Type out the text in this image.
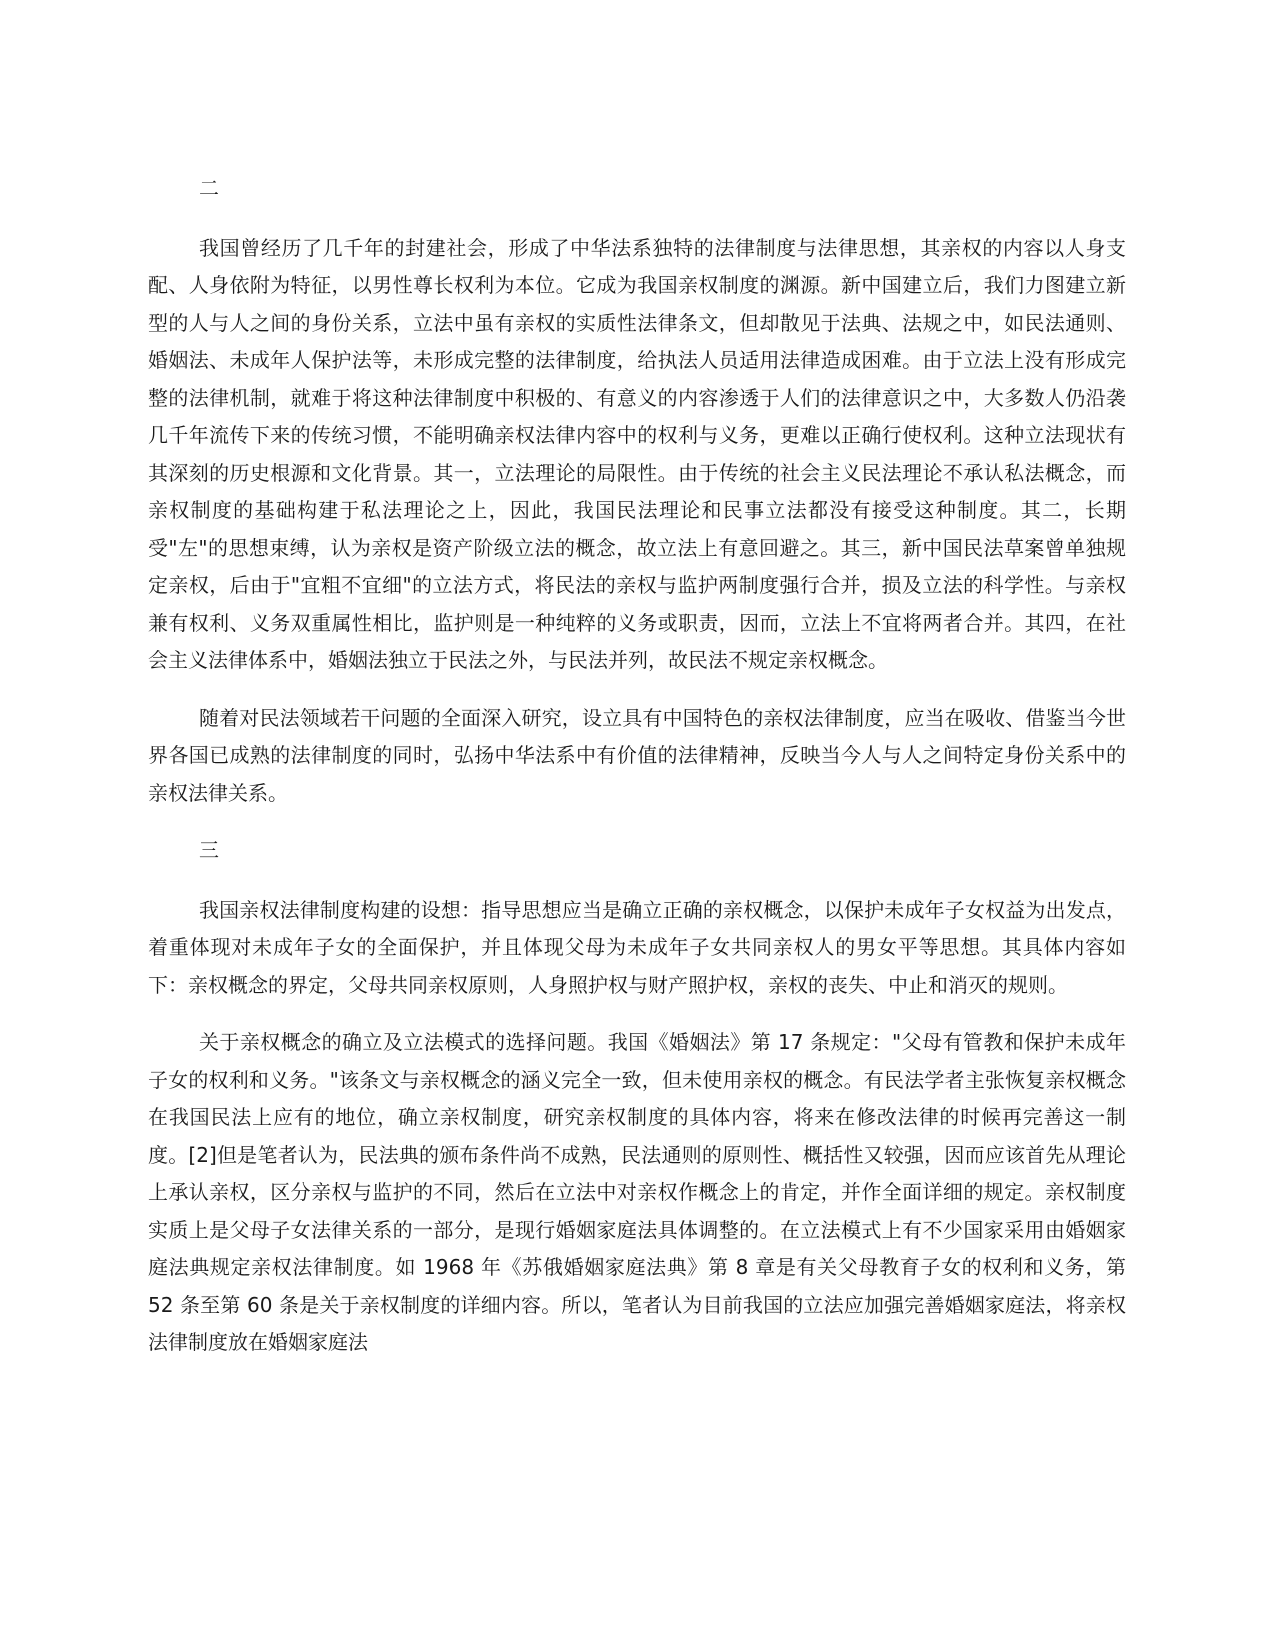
二

我国曾经历了几千年的封建社会，形成了中华法系独特的法律制度与法律思想，其亲权的内容以人身支配、人身依附为特征，以男性尊长权利为本位。它成为我国亲权制度的渊源。新中国建立后，我们力图建立新型的人与人之间的身份关系，立法中虽有亲权的实质性法律条文，但却散见于法典、法规之中，如民法通则、婚姻法、未成年人保护法等，未形成完整的法律制度，给执法人员适用法律造成困难。由于立法上没有形成完整的法律机制，就难于将这种法律制度中积极的、有意义的内容渗透于人们的法律意识之中，大多数人仍沿袭几千年流传下来的传统习惯，不能明确亲权法律内容中的权利与义务，更难以正确行使权利。这种立法现状有其深刻的历史根源和文化背景。其一，立法理论的局限性。由于传统的社会主义民法理论不承认私法概念，而亲权制度的基础构建于私法理论之上，因此，我国民法理论和民事立法都没有接受这种制度。其二，长期受"左"的思想束缚，认为亲权是资产阶级立法的概念，故立法上有意回避之。其三，新中国民法草案曾单独规定亲权，后由于"宜粗不宜细"的立法方式，将民法的亲权与监护两制度强行合并，损及立法的科学性。与亲权兼有权利、义务双重属性相比，监护则是一种纯粹的义务或职责，因而，立法上不宜将两者合并。其四，在社会主义法律体系中，婚姻法独立于民法之外，与民法并列，故民法不规定亲权概念。

随着对民法领域若干问题的全面深入研究，设立具有中国特色的亲权法律制度，应当在吸收、借鉴当今世界各国已成熟的法律制度的同时，弘扬中华法系中有价值的法律精神，反映当今人与人之间特定身份关系中的亲权法律关系。

三

我国亲权法律制度构建的设想：指导思想应当是确立正确的亲权概念，以保护未成年子女权益为出发点，着重体现对未成年子女的全面保护，并且体现父母为未成年子女共同亲权人的男女平等思想。其具体内容如下：亲权概念的界定，父母共同亲权原则，人身照护权与财产照护权，亲权的丧失、中止和消灭的规则。

关于亲权概念的确立及立法模式的选择问题。我国《婚姻法》第 17 条规定："父母有管教和保护未成年子女的权利和义务。"该条文与亲权概念的涵义完全一致，但未使用亲权的概念。有民法学者主张恢复亲权概念在我国民法上应有的地位，确立亲权制度，研究亲权制度的具体内容，将来在修改法律的时候再完善这一制度。[2]但是笔者认为，民法典的颁布条件尚不成熟，民法通则的原则性、概括性又较强，因而应该首先从理论上承认亲权，区分亲权与监护的不同，然后在立法中对亲权作概念上的肯定，并作全面详细的规定。亲权制度实质上是父母子女法律关系的一部分，是现行婚姻家庭法具体调整的。在立法模式上有不少国家采用由婚姻家庭法典规定亲权法律制度。如 1968 年《苏俄婚姻家庭法典》第 8 章是有关父母教育子女的权利和义务，第 52 条至第 60 条是关于亲权制度的详细内容。所以，笔者认为目前我国的立法应加强完善婚姻家庭法，将亲权法律制度放在婚姻家庭法
